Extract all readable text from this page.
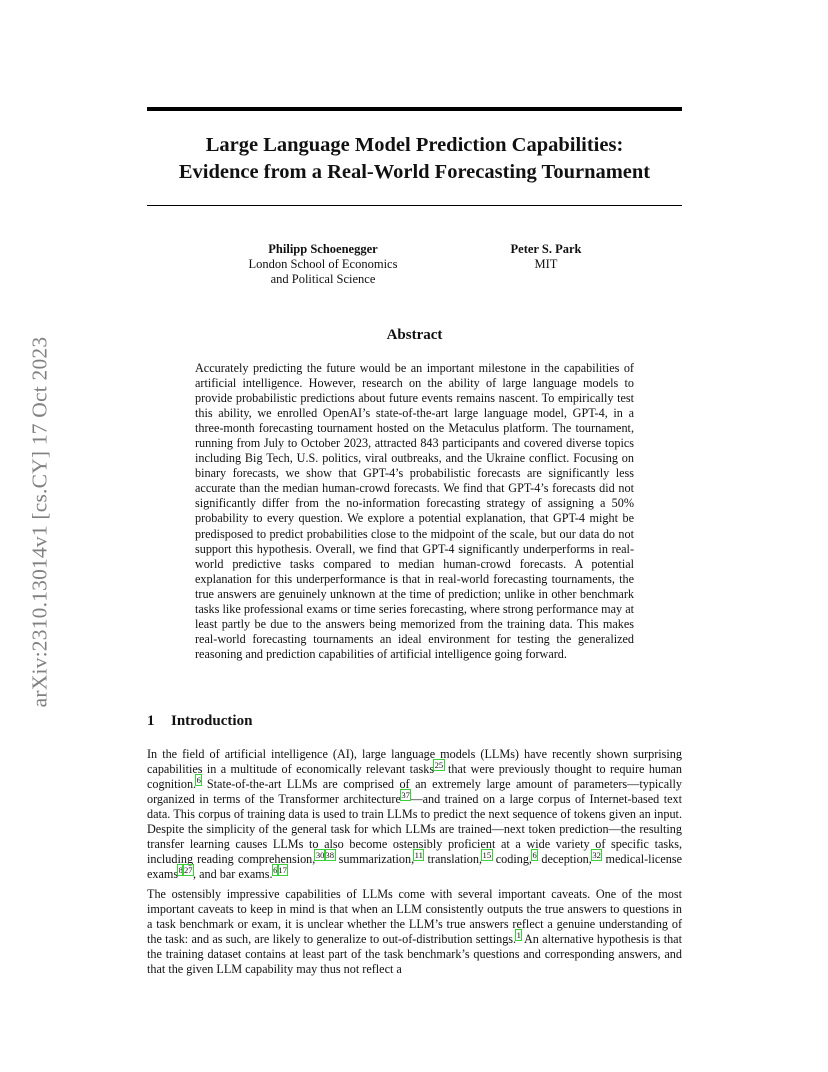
Large Language Model Prediction Capabilities:
Evidence from a Real-World Forecasting Tournament
Philipp Schoenegger
London School of Economics
and Political Science
Peter S. Park
MIT
arXiv:2310.13014v1 [cs.CY] 17 Oct 2023
Abstract

Accurately predicting the future would be an important milestone in the capabilities of artificial intelligence. However, research on the ability of large language models to provide probabilistic predictions about future events remains nascent. To empirically test this ability, we enrolled OpenAI’s state-of-the-art large language model, GPT-4, in a three-month forecasting tournament hosted on the Metaculus platform. The tournament, running from July to October 2023, attracted 843 participants and covered diverse topics including Big Tech, U.S. politics, viral outbreaks, and the Ukraine conflict. Focusing on binary forecasts, we show that GPT-4’s probabilistic forecasts are significantly less accurate than the median human-crowd forecasts. We find that GPT-4’s forecasts did not significantly differ from the no-information forecasting strategy of assigning a 50% probability to every question. We explore a potential explanation, that GPT-4 might be predisposed to predict probabilities close to the midpoint of the scale, but our data do not support this hypothesis. Overall, we find that GPT-4 significantly underperforms in real-world predictive tasks compared to median human-crowd forecasts. A potential explanation for this underperformance is that in real-world forecasting tournaments, the true answers are genuinely unknown at the time of prediction; unlike in other benchmark tasks like professional exams or time series forecasting, where strong performance may at least partly be due to the answers being memorized from the training data. This makes real-world forecasting tournaments an ideal environment for testing the generalized reasoning and prediction capabilities of artificial intelligence going forward.

1 Introduction

In the field of artificial intelligence (AI), large language models (LLMs) have recently shown surprising capabilities in a multitude of economically relevant tasks$^{25}$ that were previously thought to require human cognition.$^6$ State-of-the-art LLMs are comprised of an extremely large amount of parameters—typically organized in terms of the Transformer architecture$^{37}$—and trained on a large corpus of Internet-based text data. This corpus of training data is used to train LLMs to predict the next sequence of tokens given an input. Despite the simplicity of the general task for which LLMs are trained—next token prediction—the resulting transfer learning causes LLMs to also become ostensibly proficient at a wide variety of specific tasks, including reading comprehension,$^{3038}$ summarization,$^{11}$ translation,$^{15}$ coding,$^6$ deception,$^{32}$ medical-license exams$^{827}$, and bar exams.$^{617}$

The ostensibly impressive capabilities of LLMs come with several important caveats. One of the most important caveats to keep in mind is that when an LLM consistently outputs the true answers to questions in a task benchmark or exam, it is unclear whether the LLM’s true answers reflect a genuine understanding of the task: and as such, are likely to generalize to out-of-distribution settings.$^1$ An alternative hypothesis is that the training dataset contains at least part of the task benchmark’s questions and corresponding answers, and that the given LLM capability may thus not reflect a
